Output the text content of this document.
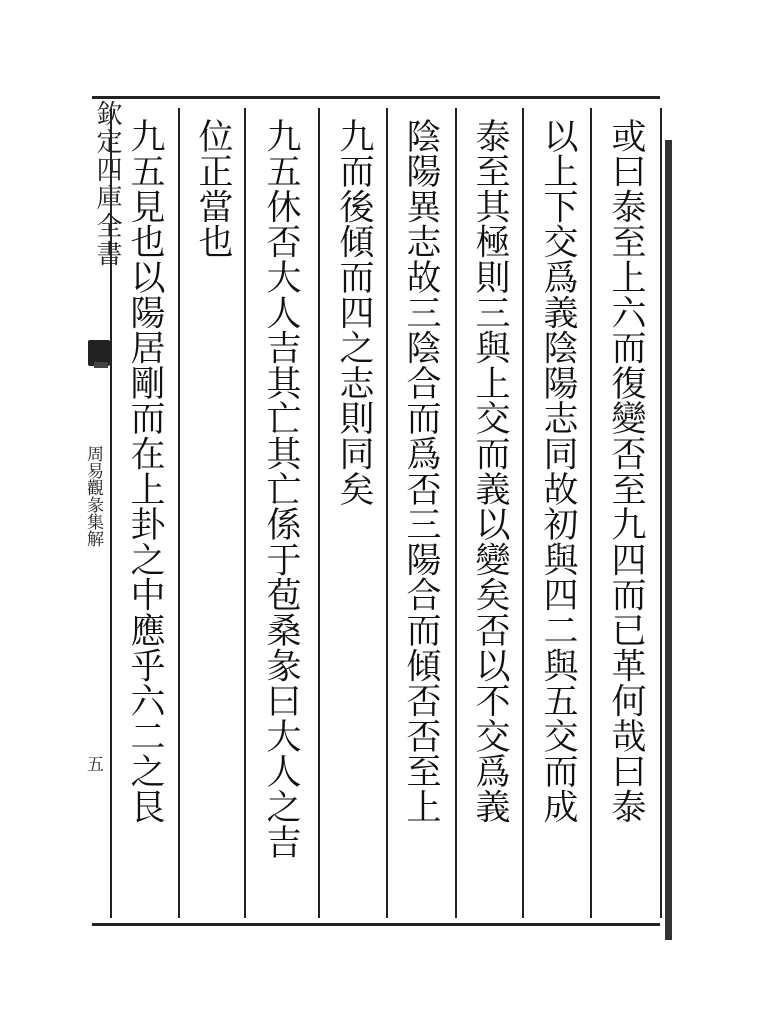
欽定四庫全書
周易觀彖集解
五	或曰泰至上六而復變否至九四而已革何哉曰泰
以上下交爲義陰陽志同故初與四二與五交而成
泰至其極則三與上交而義以變矣否以不交爲義
陰陽異志故三陰合而爲否三陽合而傾否否至上
九而後傾而四之志則同矣
九五休否大人吉其亡其亡係于苞桑彖曰大人之吉
位正當也
九五見也以陽居剛而在上卦之中應乎六二之艮
